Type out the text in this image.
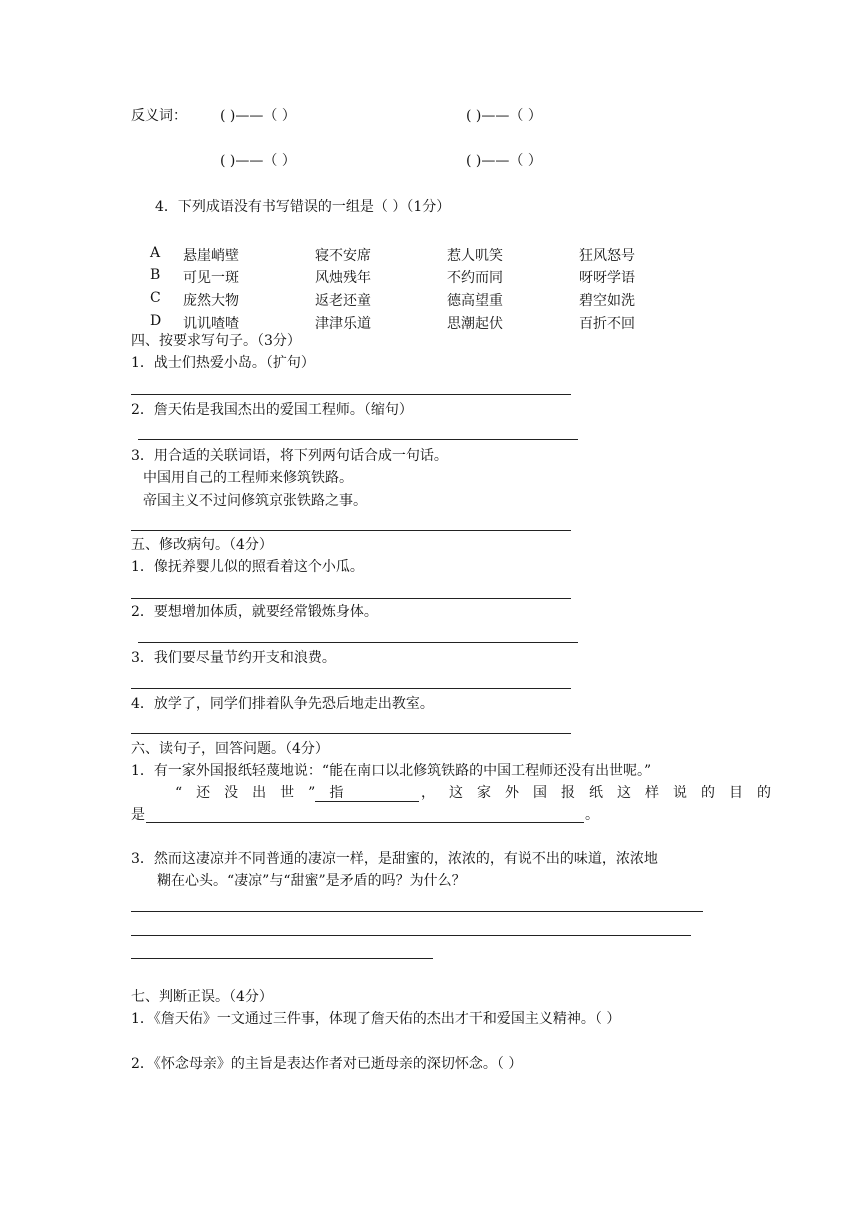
反义词： ( )——（ ）	( )——（ ）
( )——（ ）	( )——（ ）
4．下列成语没有书写错误的一组是（ ）（1分）
A 悬崖峭壁	寝不安席	惹人叽笑	狂风怒号
B 可见一斑	风烛残年	不约而同	呀呀学语
C 庞然大物	返老还童	德高望重	碧空如洗
D 讥讥喳喳	津津乐道	思潮起伏	百折不回
四、按要求写句子。（3分）
1．战士们热爱小岛。（扩句）
2．詹天佑是我国杰出的爱国工程师。（缩句）
3．用合适的关联词语，将下列两句话合成一句话。
中国用自己的工程师来修筑铁路。
帝国主义不过问修筑京张铁路之事。
五、修改病句。（4分）
1．像抚养婴儿似的照看着这个小瓜。
2．要想增加体质，就要经常锻炼身体。
3．我们要尽量节约开支和浪费。
4．放学了，同学们排着队争先恐后地走出教室。
六、读句子，回答问题。（4分）
1．有一家外国报纸轻蔑地说：“能在南口以北修筑铁路的中国工程师还没有出世呢。”
“还没出世”指	，这家外国报纸这样说的目的
是	。
3．然而这凄凉并不同普通的凄凉一样，是甜蜜的，浓浓的，有说不出的味道，浓浓地
糊在心头。“凄凉”与“甜蜜”是矛盾的吗？为什么？
七、判断正误。（4分）
1．《詹天佑》一文通过三件事，体现了詹天佑的杰出才干和爱国主义精神。（ ）
2．《怀念母亲》的主旨是表达作者对已逝母亲的深切怀念。（ ）
